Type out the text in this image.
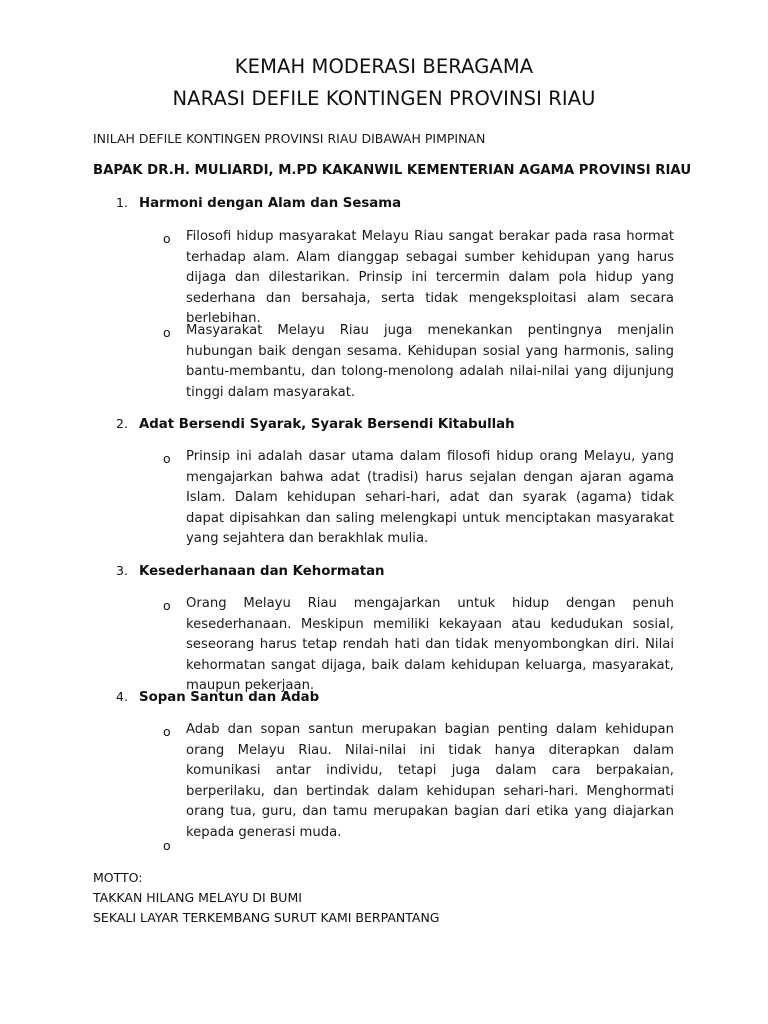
KEMAH MODERASI BERAGAMA
NARASI DEFILE KONTINGEN PROVINSI RIAU
INILAH DEFILE KONTINGEN PROVINSI RIAU DIBAWAH PIMPINAN
BAPAK DR.H. MULIARDI, M.PD KAKANWIL KEMENTERIAN AGAMA PROVINSI RIAU
1. Harmoni dengan Alam dan Sesama
o Filosofi hidup masyarakat Melayu Riau sangat berakar pada rasa hormat terhadap alam. Alam dianggap sebagai sumber kehidupan yang harus dijaga dan dilestarikan. Prinsip ini tercermin dalam pola hidup yang sederhana dan bersahaja, serta tidak mengeksploitasi alam secara berlebihan.
o Masyarakat Melayu Riau juga menekankan pentingnya menjalin hubungan baik dengan sesama. Kehidupan sosial yang harmonis, saling bantu-membantu, dan tolong-menolong adalah nilai-nilai yang dijunjung tinggi dalam masyarakat.
2. Adat Bersendi Syarak, Syarak Bersendi Kitabullah
o Prinsip ini adalah dasar utama dalam filosofi hidup orang Melayu, yang mengajarkan bahwa adat (tradisi) harus sejalan dengan ajaran agama Islam. Dalam kehidupan sehari-hari, adat dan syarak (agama) tidak dapat dipisahkan dan saling melengkapi untuk menciptakan masyarakat yang sejahtera dan berakhlak mulia.
3. Kesederhanaan dan Kehormatan
o Orang Melayu Riau mengajarkan untuk hidup dengan penuh kesederhanaan. Meskipun memiliki kekayaan atau kedudukan sosial, seseorang harus tetap rendah hati dan tidak menyombongkan diri. Nilai kehormatan sangat dijaga, baik dalam kehidupan keluarga, masyarakat, maupun pekerjaan.
4. Sopan Santun dan Adab
o Adab dan sopan santun merupakan bagian penting dalam kehidupan orang Melayu Riau. Nilai-nilai ini tidak hanya diterapkan dalam komunikasi antar individu, tetapi juga dalam cara berpakaian, berperilaku, dan bertindak dalam kehidupan sehari-hari. Menghormati orang tua, guru, dan tamu merupakan bagian dari etika yang diajarkan kepada generasi muda.
o
MOTTO:
TAKKAN HILANG MELAYU DI BUMI
SEKALI LAYAR TERKEMBANG SURUT KAMI BERPANTANG
